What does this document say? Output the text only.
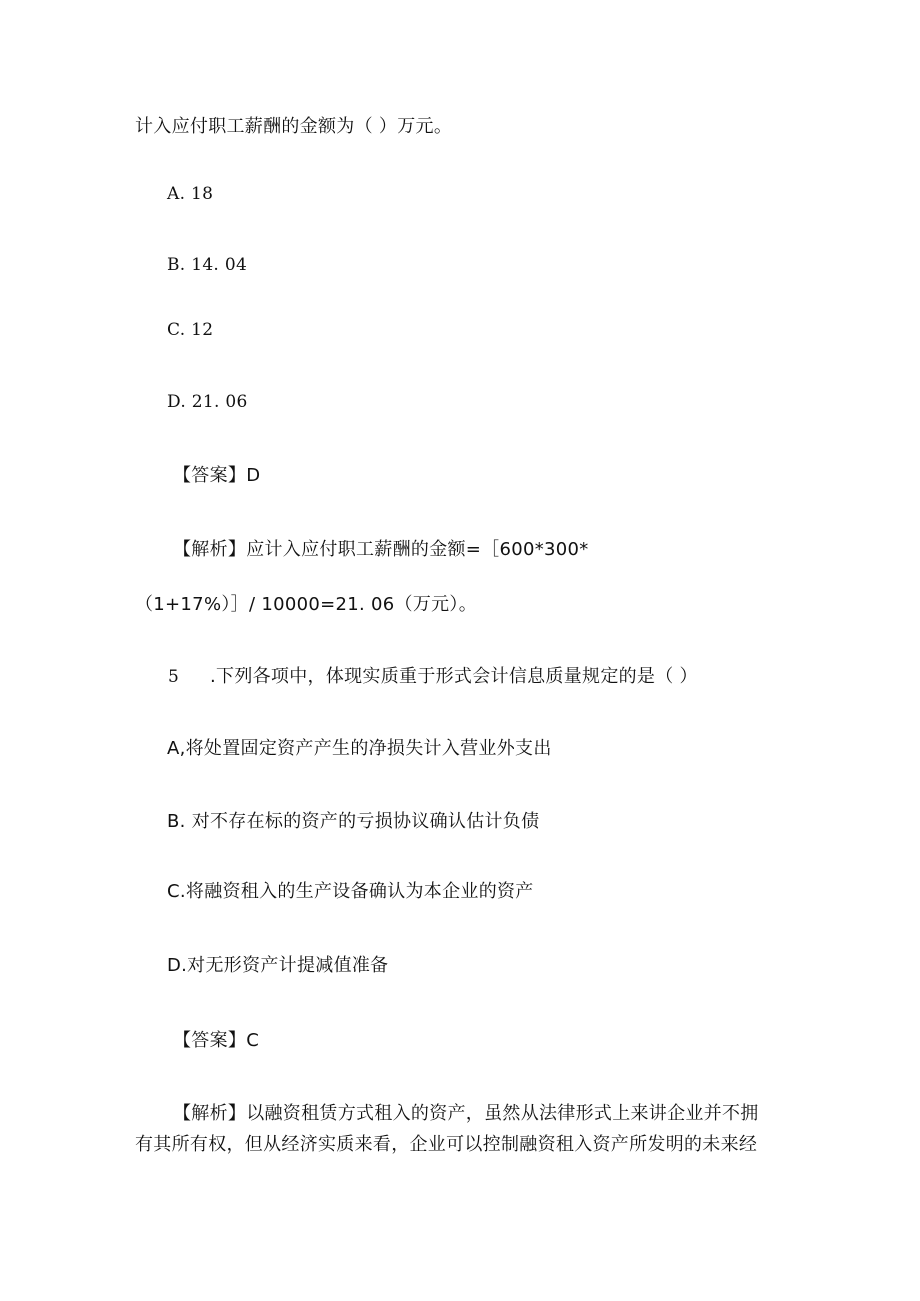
计入应付职工薪酬的金额为（ ）万元。
A. 18
B. 14. 04
C. 12
D. 21. 06
【答案】D
【解析】应计入应付职工薪酬的金额=［600*300*
（1+17%）］/ 10000=21. 06（万元）。
5 .下列各项中，体现实质重于形式会计信息质量规定的是（ ）
A,将处置固定资产产生的净损失计入营业外支出
B. 对不存在标的资产的亏损协议确认估计负债
C.将融资租入的生产设备确认为本企业的资产
D.对无形资产计提减值准备
【答案】C
【解析】以融资租赁方式租入的资产，虽然从法律形式上来讲企业并不拥
有其所有权，但从经济实质来看，企业可以控制融资租入资产所发明的未来经
